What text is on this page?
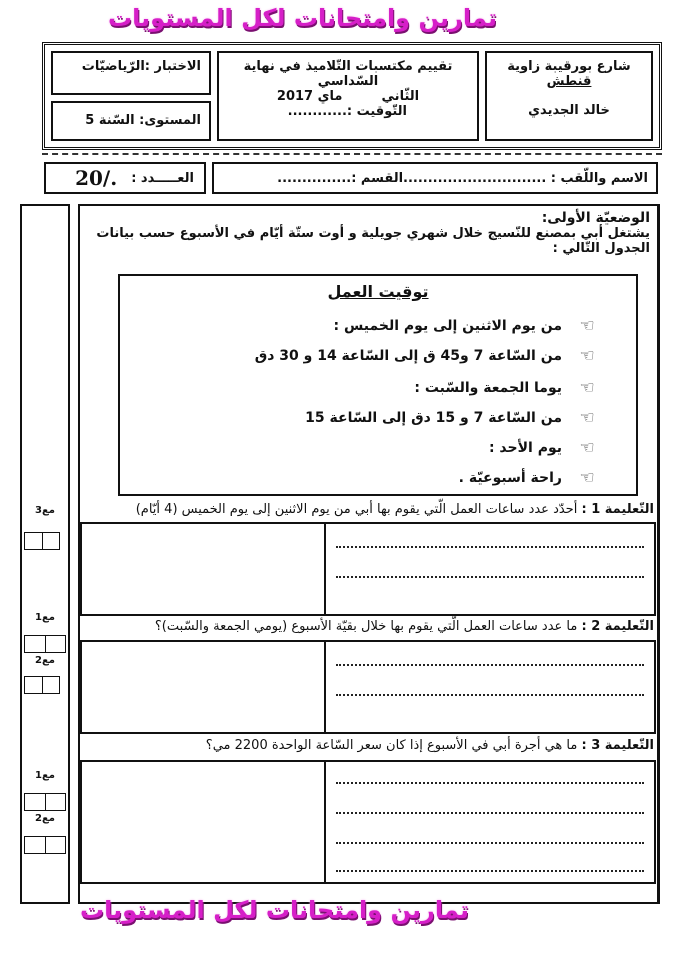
تمارين وامتحانات لكل المستويات
شارع بورقيبة زاوية
قنطش
خالد الجديدي
تقييم مكتسبات التّلاميذ في نهاية السّداسي
الثّاني  ماي 2017
التّوقيت :............
الاختبار :الرّياضيّات
المستوى: السّنة 5
الاسم واللّقب : .............................القسم :...............
العـــــدد :
20/.
مع3
مع1
مع2
مع1
مع2
الوضعيّة الأولى:
يشتغل أبي بمصنع للنّسيج خلال شهري جويلية و أوت ستّة أيّام في الأسبوع حسب بيانات
الجدول التّالي :
توقيت العمل
☜
من يوم الاثنين إلى يوم الخميس :
☜
من السّاعة 7 و45 ق إلى السّاعة 14 و 30 دق
☜
يوما الجمعة والسّبت :
☜
من السّاعة 7 و 15 دق إلى السّاعة 15
☜
يوم الأحد :
☜
راحة أسبوعيّة .
التّعليمة 1 : أحدّد عدد ساعات العمل الّتي يقوم بها أبي من يوم الاثنين إلى يوم الخميس (4 أيّام)
التّعليمة 2 : ما عدد ساعات العمل الّتي يقوم بها خلال بقيّة الأسبوع (يومي الجمعة والسّبت)؟
التّعليمة 3 : ما هي أجرة أبي في الأسبوع إذا كان سعر السّاعة الواحدة 2200 مي؟
تمارين وامتحانات لكل المستويات
